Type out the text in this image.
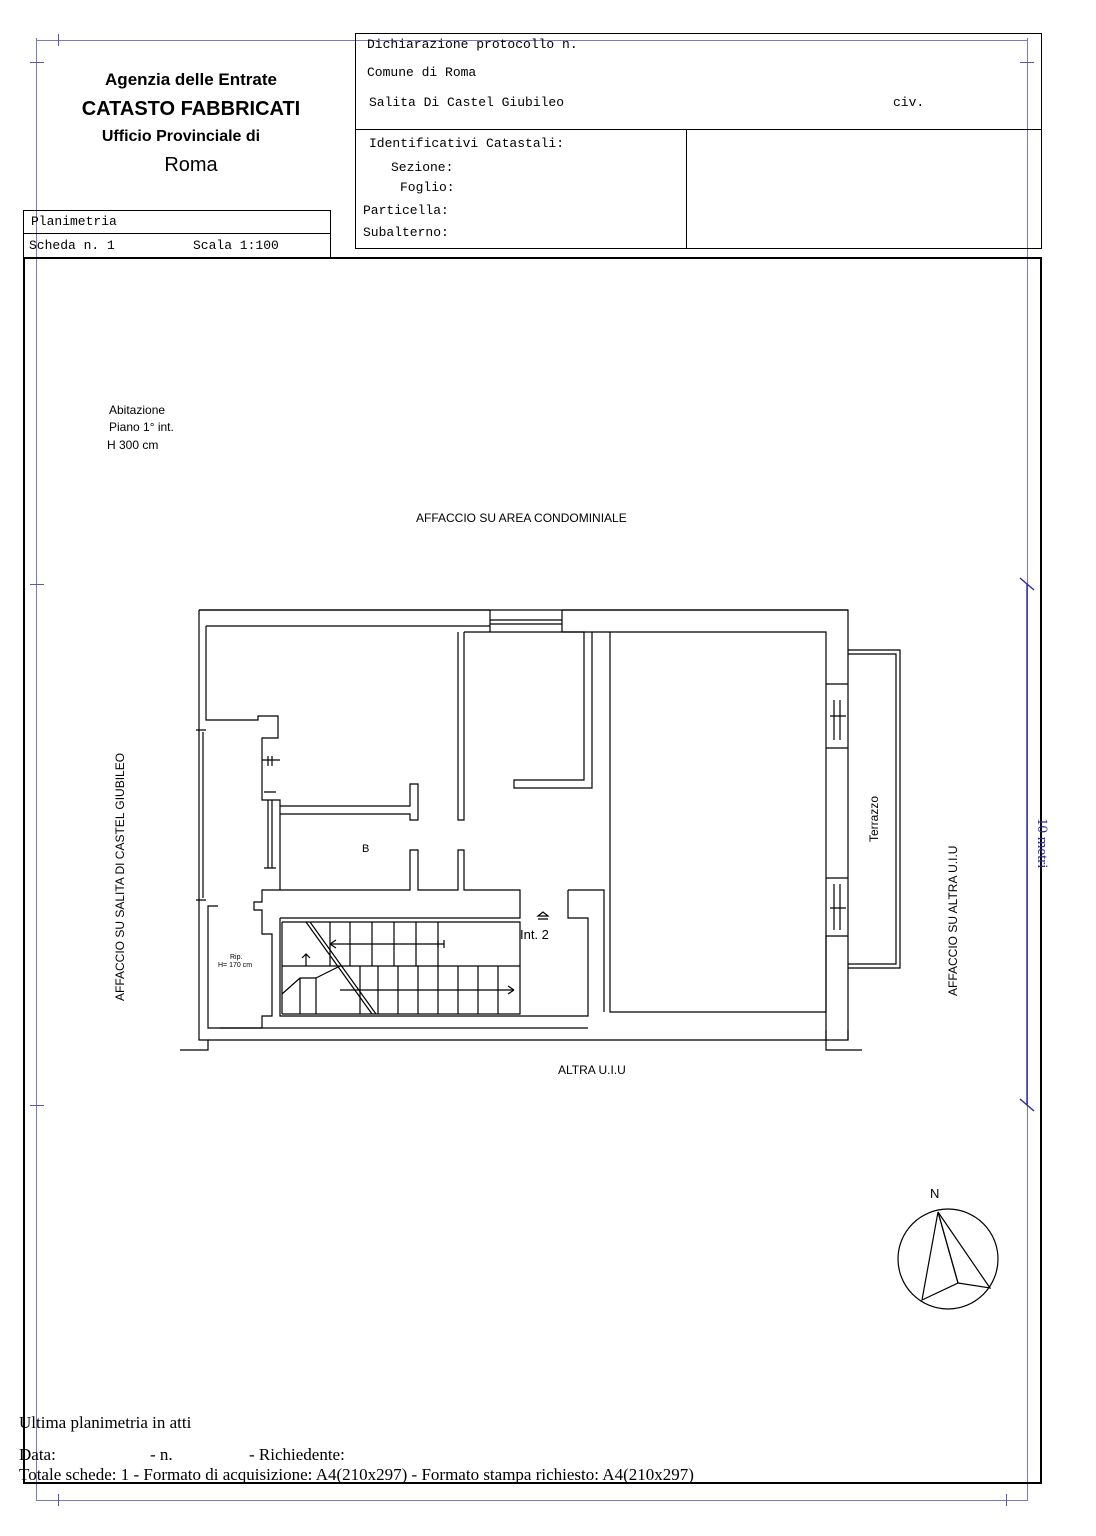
Agenzia delle Entrate
CATASTO FABBRICATI
Ufficio Provinciale di
Roma
Planimetria
Scheda n. 1	Scala 1:100
Dichiarazione protocollo n.
Comune di Roma
Salita Di Castel Giubileo	civ.
Identificativi Catastali:
Sezione:
Foglio:
Particella:
Subalterno:
Abitazione
Piano 1° int.
H 300 cm
AFFACCIO SU AREA CONDOMINIALE
AFFACCIO SU SALITA DI CASTEL GIUBILEO	AFFACCIO SU ALTRA U.I.U
ALTRA U.I.U
Terrazzo	10 metri
B
Int. 2
Rip.
H= 170 cm
N
Ultima planimetria in atti
Data:	- n.	- Richiedente:
Totale schede: 1 - Formato di acquisizione: A4(210x297) - Formato stampa richiesto: A4(210x297)
